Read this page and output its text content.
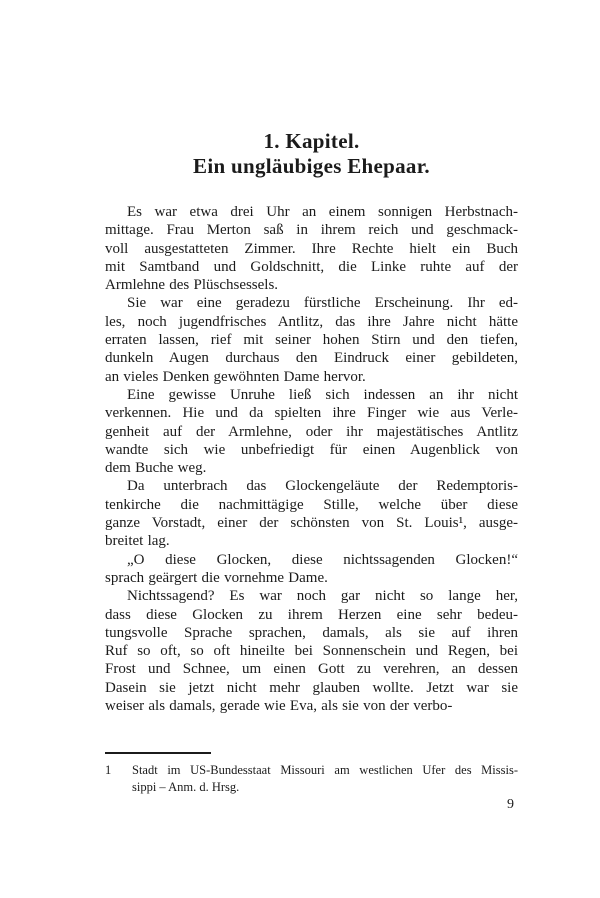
1. Kapitel.
Ein ungläubiges Ehepaar.
Es war etwa drei Uhr an einem sonnigen Herbstnach-
mittage. Frau Merton saß in ihrem reich und geschmack-
voll ausgestatteten Zimmer. Ihre Rechte hielt ein Buch
mit Samtband und Goldschnitt, die Linke ruhte auf der
Armlehne des Plüschsessels.
Sie war eine geradezu fürstliche Erscheinung. Ihr ed-
les, noch jugendfrisches Antlitz, das ihre Jahre nicht hätte
erraten lassen, rief mit seiner hohen Stirn und den tiefen,
dunkeln Augen durchaus den Eindruck einer gebildeten,
an vieles Denken gewöhnten Dame hervor.
Eine gewisse Unruhe ließ sich indessen an ihr nicht
verkennen. Hie und da spielten ihre Finger wie aus Verle-
genheit auf der Armlehne, oder ihr majestätisches Antlitz
wandte sich wie unbefriedigt für einen Augenblick von
dem Buche weg.
Da unterbrach das Glockengeläute der Redemptoris-
tenkirche die nachmittägige Stille, welche über diese
ganze Vorstadt, einer der schönsten von St. Louis¹, ausge-
breitet lag.
„O diese Glocken, diese nichtssagenden Glocken!“
sprach geärgert die vornehme Dame.
Nichtssagend? Es war noch gar nicht so lange her,
dass diese Glocken zu ihrem Herzen eine sehr bedeu-
tungsvolle Sprache sprachen, damals, als sie auf ihren
Ruf so oft, so oft hineilte bei Sonnenschein und Regen, bei
Frost und Schnee, um einen Gott zu verehren, an dessen
Dasein sie jetzt nicht mehr glauben wollte. Jetzt war sie
weiser als damals, gerade wie Eva, als sie von der verbo-
1	Stadt im US-Bundesstaat Missouri am westlichen Ufer des Missis-
sippi – Anm. d. Hrsg.
9
